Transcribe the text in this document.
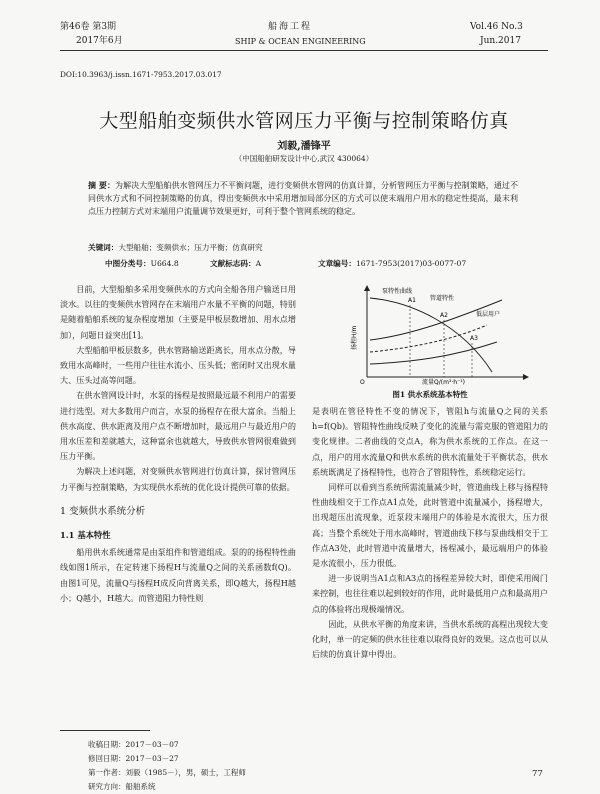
第46卷 第3期
2017年6月
船海工程
SHIP & OCEAN ENGINEERING
Vol.46 No.3
Jun.2017
DOI:10.3963/j.issn.1671-7953.2017.03.017
大型船舶变频供水管网压力平衡与控制策略仿真
刘毅,潘锋平
（中国船舶研发设计中心,武汉 430064）
摘 要：为解决大型船舶供水管网压力不平衡问题，进行变频供水管网的仿真计算，分析管网压力平衡与控制策略，通过不同供水方式和不同控制策略的仿真，得出变频供水中采用增加局部分区的方式可以使末端用户用水的稳定性提高，最末利点压力控制方式对末端用户流量调节效果更好，可利于整个管网系统的稳定。
关键词：大型船舶；变频供水；压力平衡；仿真研究
中图分类号：U664.8	文献标志码：A	文章编号：1671-7953(2017)03-0077-07

目前，大型船舶多采用变频供水的方式向全船各用户输送日用淡水。以往的变频供水管网存在末端用户水量不平衡的问题，特别是随着船舶系统的复杂程度增加（主要是甲板层数增加、用水点增加），问题日益突出[1]。

大型船舶甲板层数多，供水管路输送距离长，用水点分散，导致用水高峰时，一些用户往往水流小、压头低；密闭时又出现水量大、压头过高等问题。

在供水管网设计时，水泵的扬程是按照最远最不利用户的需要进行选型。对大多数用户而言，水泵的扬程存在很大富余。当船上供水高度、供水距离及用户点不断增加时，最远用户与最近用户的用水压差和差就越大，这种富余也就越大，导致供水管网很难做到压力平衡。

为解决上述问题，对变频供水管网进行仿真计算，探讨管网压力平衡与控制策略，为实现供水系统的优化设计提供可靠的依据。

1 变频供水系统分析
1.1 基本特性

船用供水系统通常是由泵组件和管道组成。泵的的扬程特性曲线如图1所示，在定转速下扬程H与流量Q之间的关系函数f(Q)。由图1可见，流量Q与扬程H成反向背离关系，即Q越大，扬程H越小；Q越小，H越大。而管道阻力特性则

收稿日期：2017－03－07
修回日期：2017－03－27
第一作者：刘毅（1985－），男，硕士，工程师
研究方向：船舶系统
泵特性曲线
管道特性
低层用户
A1
A2
A3
O	流量Q/(m³·h⁻¹)
扬程H/m
图1 供水系统基本特性

是表明在管径特性不变的情况下，管阻h与流量Q之间的关系h=f(Qb)。管阻特性曲线反映了变化的流量与需克服的管道阻力的变化规律。二者曲线的交点A，称为供水系统的工作点。在这一点，用户的用水流量Q和供水系统的供水流量处于平衡状态，供水系统既满足了扬程特性，也符合了管阻特性，系统稳定运行。

同样可以看到当系统所需流量减少时，管道曲线上移与扬程特性曲线相交于工作点A1点处，此时管道中流量减小，扬程增大，出现超压出流现象，近泵段末端用户的体验是水流很大，压力很高；当整个系统处于用水高峰时，管道曲线下移与泵曲线相交于工作点A3处，此时管道中流量增大，扬程减小，最远端用户的体验是水流很小，压力很低。

进一步说明当A1点和A3点的扬程差异较大时，即使采用阀门来控制，也往往难以起到较好的作用，此时最低用户点和最高用户点的体验将出现极端情况。

因此，从供水平衡的角度来讲，当供水系统的高程出现较大变化时，单一的定频的供水往往难以取得良好的效果。这点也可以从后续的仿真计算中得出。

77
